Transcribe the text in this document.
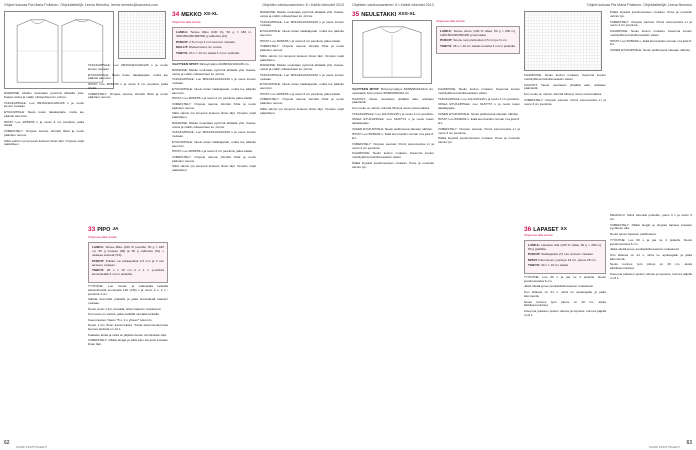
Ohjeet kokoaa Pia Maria Pollanen. Ohjekäsittelijä: Leena Nemeko, leena.nemeko@sanoma.com	Ohjeiden valokuvaaminen: 8 • Kaikki oikeudet 2013

RAKENNE: Mekko neulotaan pyörönä alhaalta ylös. Kaava-ositus ja mallin mittasuhteet ks. piirros.

TAKAKAPPALE: Luo 98/104/110/120/128 s ja neulo kuvion mukaan.

ETUKAPPALE: Neulo kuten takakappale, mutta tee pääntie aiemmin.

HIHAT: Luo 48/52/56 s ja neulo 6 cm joustinta, jatka sileää.

VIIMEISTELY: Ompele sauma, kiinnitä hihat ja neulo pääntien reunus.

Silitä valmis työ kevyesti kostean liinan läpi. Ompele napit paikoilleen.

33 PIPO JA
Ohjekuva tältä sivulta

LANKA: Tentee Miko (100 % puuvilla, 50 g = 180 m), 50 g mustaa (99) ja 50 g valkoista (01) + vaaleaa sininetä (XS).

PUIKOT: Puikko- tai sukkapuikot 2,5 mm ja 3 mm tai koon mukaan.

TIHEYS: 28 s = 10 cm 2 o 1 n -joustinta kuviosileällä 3 mm:n puikoilla.

TYÖOHJE: Luo musta- ja valkoisalla lankalla kaksivärisellä luomisella 120 (136) s ja neulo 2 o, 2 n -joustinta 4 cm.

Vaihda isommille puikoille ja jatka kuviosileää kaavion mukaan.

Neulo ensin 1 krs mustalla, sitten kaavion mukaisesti.

Kun kuvio on valmis, jatka pelkällä mustalla lankalla.

Kavennukset: Neulo *8 s, 2 o yhteen* koko krs.

Neulo 1 krs ilman kavennuksia. Toista kavennuskerrosta kunnes puikolla on 12 s.

Katkaise lanka ja vedä se jäljellä olevien silmukoiden läpi.

VIIMEISTELY: Päätä langat ja silitä pipo kevyesti kostean liinan läpi.

TAKAKAPPALE: Luo 98/104/110/120/128 s ja neulo kuvion mukaan.

ETUKAPPALE: Neulo kuten takakappale, mutta tee pääntie aiemmin.

HIHAT: Luo 48/52/56 s ja neulo 6 cm joustinta, jatka sileää.

VIIMEISTELY: Ompele sauma, kiinnitä hihat ja neulo pääntien reunus.

34 MEKKO XS-XL
Ohjekuva tältä sivulta

LANKA: Tentee Miko (100 %), 50 g = 180 m, 300/350/400/450/500 g valkoista (01).

PUIKOT: 2,5 mm ja 3 mm tai koon mukaan.

MALLIT: Rivikerrokset, ks. kuviot.

TIHEYS: 23 s = 10 cm sileää 3 mm:n puikoilla.

VAATTEEN MITAT: Rintaympärys 82/88/94/100/108 cm.

RAKENNE: Mekko neulotaan pyörönä alhaalta ylös. Kaava-ositus ja mallin mittasuhteet ks. piirros.

TAKAKAPPALE: Luo 98/104/110/120/128 s ja neulo kuvion mukaan.

ETUKAPPALE: Neulo kuten takakappale, mutta tee pääntie aiemmin.

HIHAT: Luo 48/52/56 s ja neulo 6 cm joustinta, jatka sileää.

VIIMEISTELY: Ompele sauma, kiinnitä hihat ja neulo pääntien reunus.

Silitä valmis työ kevyesti kostean liinan läpi. Ompele napit paikoilleen.

RAKENNE: Mekko neulotaan pyörönä alhaalta ylös. Kaava-ositus ja mallin mittasuhteet ks. piirros.

TAKAKAPPALE: Luo 98/104/110/120/128 s ja neulo kuvion mukaan.

ETUKAPPALE: Neulo kuten takakappale, mutta tee pääntie aiemmin.

HIHAT: Luo 48/52/56 s ja neulo 6 cm joustinta, jatka sileää.

VIIMEISTELY: Ompele sauma, kiinnitä hihat ja neulo pääntien reunus.

Silitä valmis työ kevyesti kostean liinan läpi. Ompele napit paikoilleen.

RAKENNE: Mekko neulotaan pyörönä alhaalta ylös. Kaava-ositus ja mallin mittasuhteet ks. piirros.

TAKAKAPPALE: Luo 98/104/110/120/128 s ja neulo kuvion mukaan.

ETUKAPPALE: Neulo kuten takakappale, mutta tee pääntie aiemmin.

HIHAT: Luo 48/52/56 s ja neulo 6 cm joustinta, jatka sileää.

VIIMEISTELY: Ompele sauma, kiinnitä hihat ja neulo pääntien reunus.

Silitä valmis työ kevyesti kostean liinan läpi. Ompele napit paikoilleen.

RAKENNE: Mekko neulotaan pyörönä alhaalta ylös. Kaava-ositus ja mallin mittasuhteet ks. piirros.

TAKAKAPPALE: Luo 98/104/110/120/128 s ja neulo kuvion mukaan.

ETUKAPPALE: Neulo kuten takakappale, mutta tee pääntie aiemmin.

HIHAT: Luo 48/52/56 s ja neulo 6 cm joustinta, jatka sileää.

VIIMEISTELY: Ompele sauma, kiinnitä hihat ja neulo pääntien reunus.

Silitä valmis työ kevyesti kostean liinan läpi. Ompele napit paikoilleen.

62
SUURI KÄSITYÖLEHTI
Ohjeiden valokuvaaminen: 8 • Kaikki oikeudet 2013	Ohjeet kokoaa Pia Maria Pollanen. Ohjekäsittelijä: Leena Nemeko
35 NEULETAKKI XXS-XL
Ohjekuva tältä sivulta

LANKA: Tentee Verso (100 % villaa, 50 g = 200 m), 100/150/200/250/300 g harmaata.

PUIKOT: Suora- tai pyöröpuikot 2,5 mm ja 3 mm.

TIHEYS: 28 s = 10 cm sileää neuletta 3 mm:n puikoilla.

VAATTEEN MITAT: Rinnanympärys 84/88/96/104/112 cm, neuletakin koko pituus 56/58/60/62/64 cm.

KAAVIOT: Neule neulotaan ylhäältä alas, aloittaen pääntieltä.

Kun neule on valmis, kiinnitä hihat ja neulo etureunalista.

TAKAKAPPALE: Luo 121/133/145 s ja neulo 4 cm joustinta.

OIKEA ETUKAPPALE: Luo 61/67/73 s ja neulo kuten takakappale.

VASEN ETUKAPPALE: Neulo peilikuvana oikeaan nähden.

HIHAT: Luo 56/60/64 s, lisää kummankin reunan s:ia joka 8. krs.

VIIMEISTELY: Ompele saumat. Poimi etureunoista s:t ja neulo 3 cm joustinta.

KAARROKE: Neulo kuvion mukaan. Kavenna kuvion merkityillä kerroksilla tasaisin välein.

Päätä löysästi joustinneuleen mukaan. Pese ja muotoile valmis työ.

KAARROKE: Neulo kuvion mukaan. Kavenna kuvion merkityillä kerroksilla tasaisin välein.

TAKAKAPPALE: Luo 121/133/145 s ja neulo 4 cm joustinta.

OIKEA ETUKAPPALE: Luo 61/67/73 s ja neulo kuten takakappale.

VASEN ETUKAPPALE: Neulo peilikuvana oikeaan nähden.

HIHAT: Luo 56/60/64 s, lisää kummankin reunan s:ia joka 8. krs.

VIIMEISTELY: Ompele saumat. Poimi etureunoista s:t ja neulo 3 cm joustinta.

Päätä löysästi joustinneuleen mukaan. Pese ja muotoile valmis työ.

KAARROKE: Neulo kuvion mukaan. Kavenna kuvion merkityillä kerroksilla tasaisin välein.

KAAVIOT: Neule neulotaan ylhäältä alas, aloittaen pääntieltä.

Kun neule on valmis, kiinnitä hihat ja neulo etureunalista.

VIIMEISTELY: Ompele saumat. Poimi etureunoista s:t ja neulo 3 cm joustinta.

Päätä löysästi joustinneuleen mukaan. Pese ja muotoile valmis työ.

VIIMEISTELY: Ompele saumat. Poimi etureunoista s:t ja neulo 3 cm joustinta.

KAARROKE: Neulo kuvion mukaan. Kavenna kuvion merkityillä kerroksilla tasaisin välein.

HIHAT: Luo 56/60/64 s, lisää kummankin reunan s:ia joka 8. krs.

VASEN ETUKAPPALE: Neulo peilikuvana oikeaan nähden.

36 LAPASET XX
Ohjekuva tältä sivulta

LANKA: Lankava Ulla (100 % villaa, 50 g = 200 m), 50 g grafiittia.

PUIKOT: Sukkapuikot 2,5 mm tai koon mukaan.

MITAT: Kämmenen ympärys 19 cm, pituus 25 cm.

TIHEYS: 30 s = 10 cm sileää.

TYÖOHJE: Luo 60 s ja jaa ne 4 puikolle. Neulo joustinneuletta 6 cm.

Jatka sileää ja tee peukalokiila kaavion mukaisesti.

Kun kiilassa on 21 s, siirrä ne apulangalle ja jatka kämmentä.

Neulo kunnes työn pituus on 20 cm, aloita kärkikavennukset.

Kavenna jokaisen puikon alussa ja lopussa, kunnes jäljellä on 8 s.

PEUKALO: Siirrä silmukat puikoille, poimi 3 s ja neulo 5 cm.

VIIMEISTELY: Päätä langat ja pingota lapaset kostean pyyhkeen alla.

Neulo toinen lapanen peilikuvana.

TYÖOHJE: Luo 60 s ja jaa ne 4 puikolle. Neulo joustinneuletta 6 cm.

Jatka sileää ja tee peukalokiila kaavion mukaisesti.

Kun kiilassa on 21 s, siirrä ne apulangalle ja jatka kämmentä.

Neulo kunnes työn pituus on 20 cm, aloita kärkikavennukset.

Kavenna jokaisen puikon alussa ja lopussa, kunnes jäljellä on 8 s.

SUURI KÄSITYÖLEHTI
63
